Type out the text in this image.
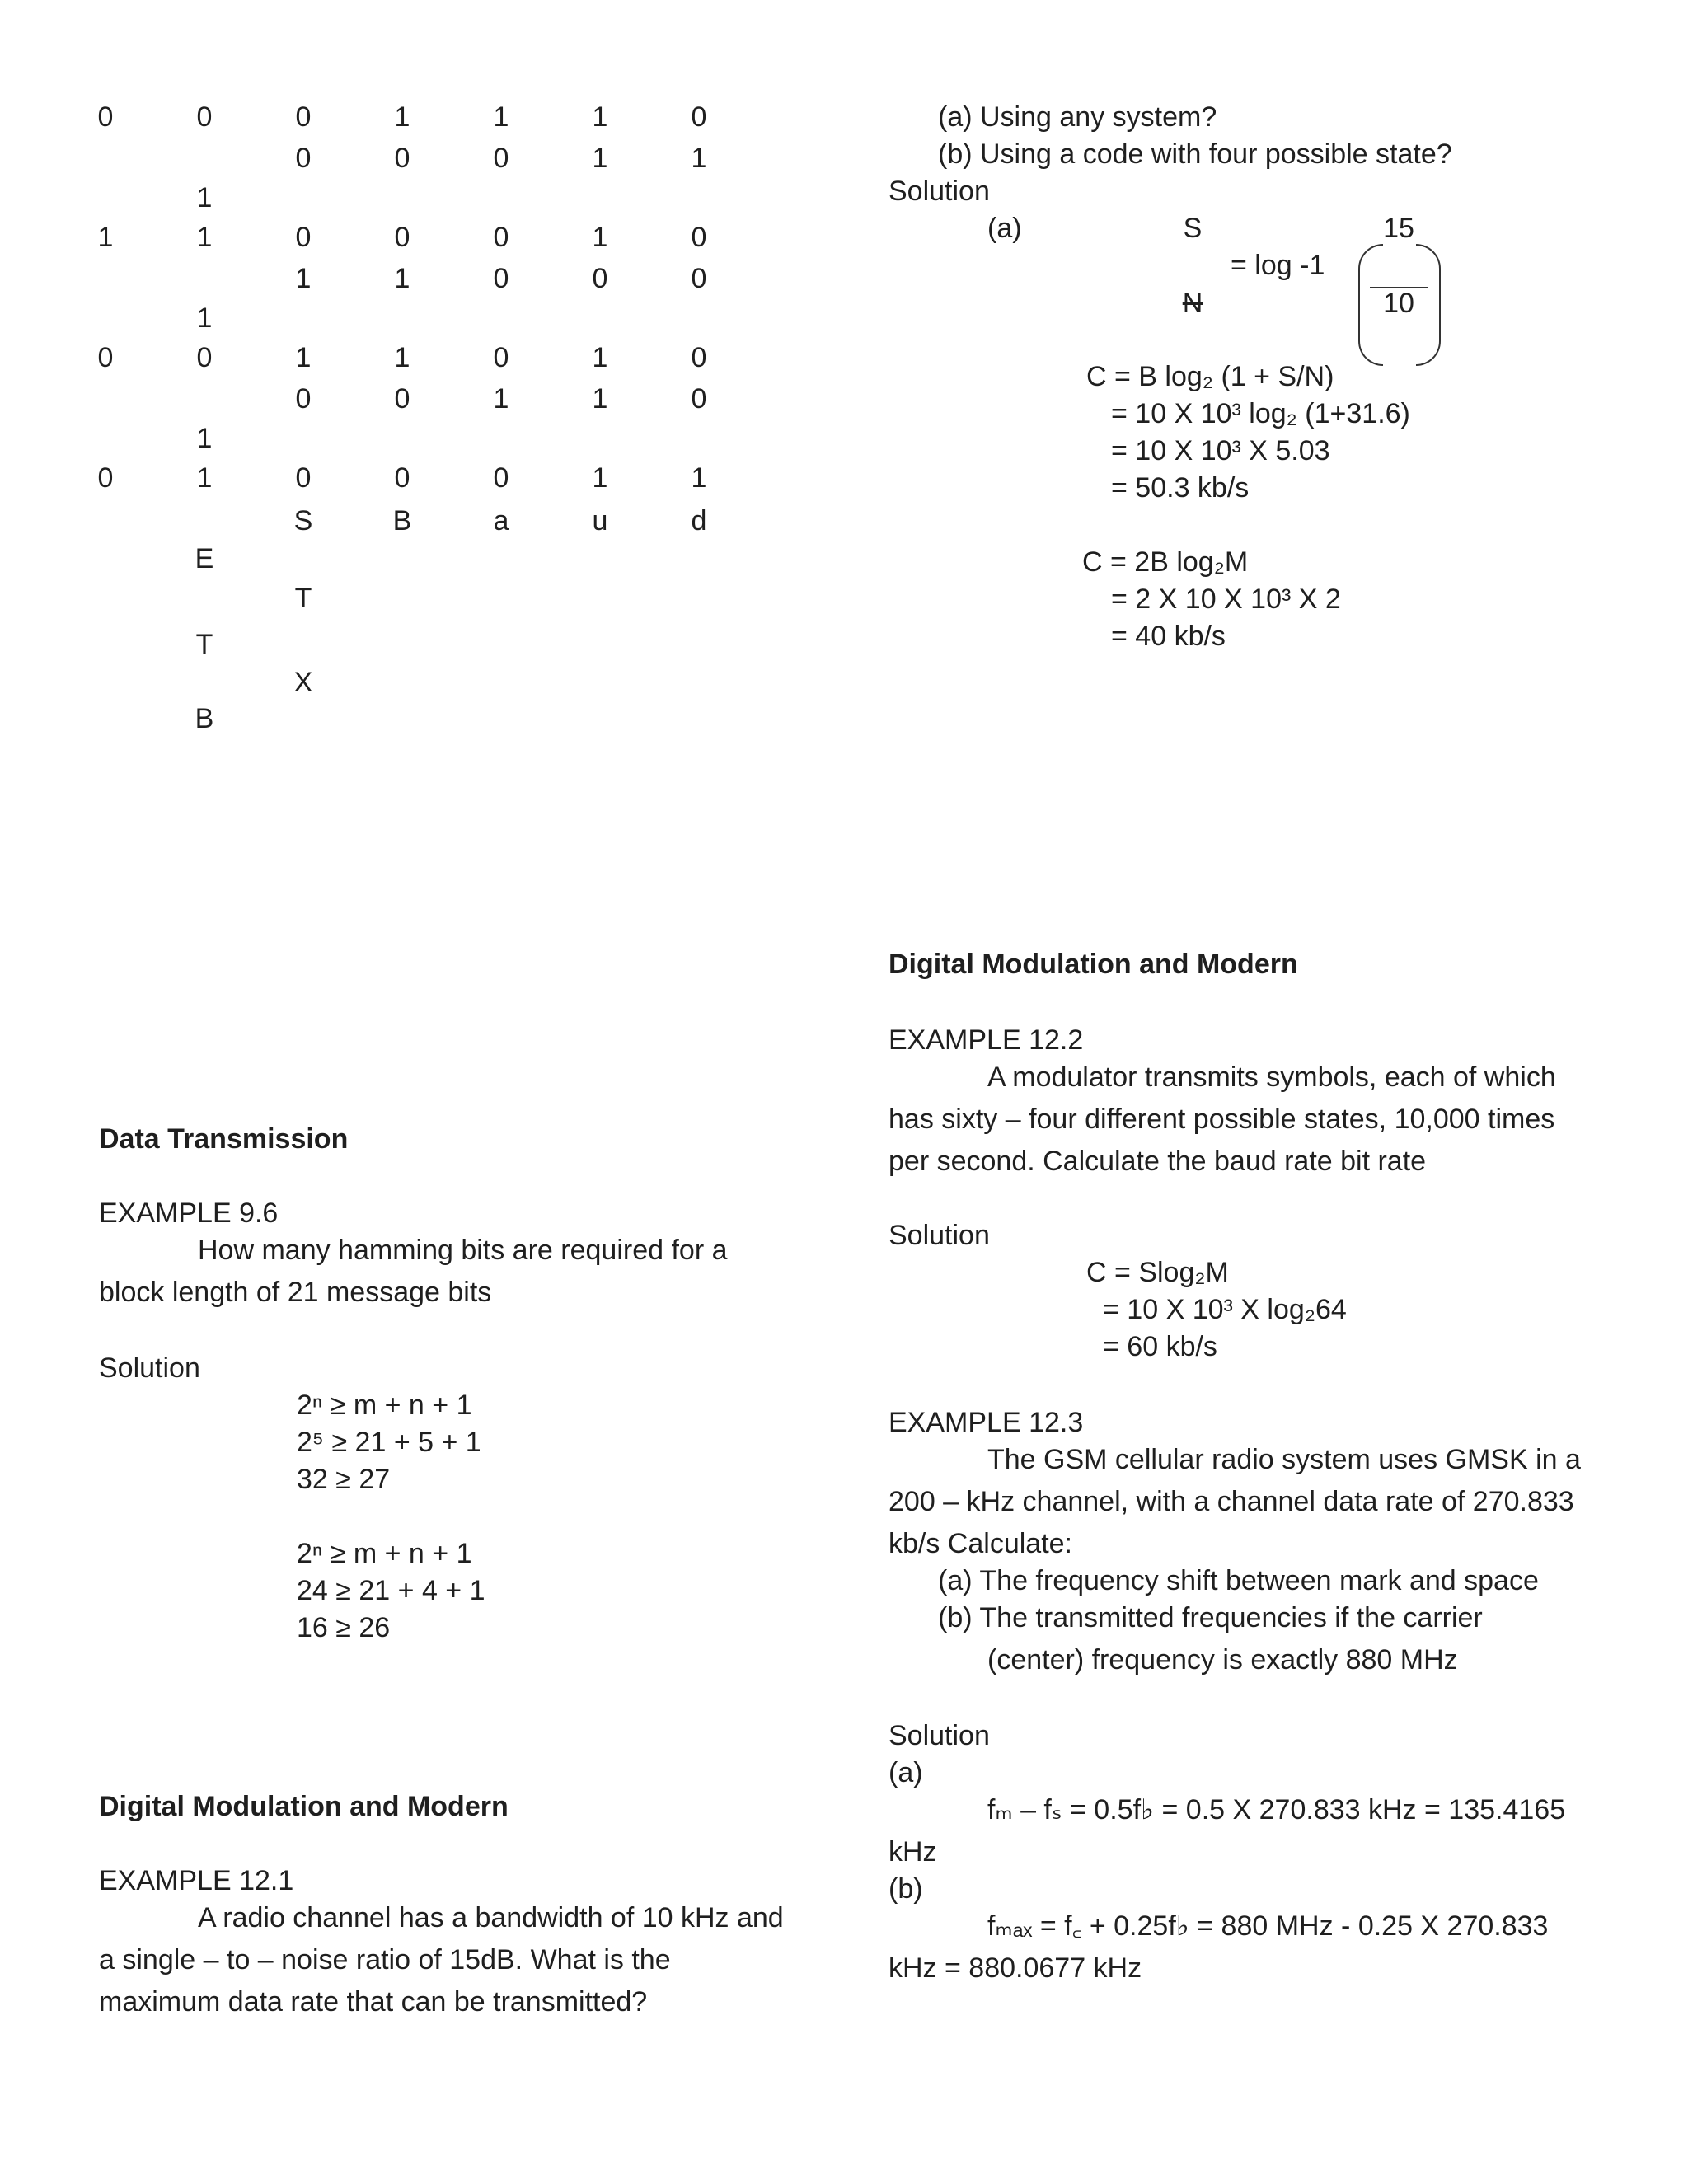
0
1
0
0
0
1
1
1
0
1
1
E
T
B
0
0
0
1
1
0
0
S
T
X
1
0
0
1
1
0
0
B
1
0
0
0
0
1
0
a
1
1
1
0
1
1
1
u
0
1
0
0
0
0
1
d
Data Transmission
EXAMPLE 9.6
How many hamming bits are required for a
block length of 21 message bits
Solution
2ⁿ ≥ m + n + 1
2⁵ ≥ 21 + 5 + 1
32 ≥ 27
2ⁿ ≥ m + n + 1
24 ≥ 21 + 4 + 1
16 ≥ 26
Digital Modulation and Modern
EXAMPLE 12.1
A radio channel has a bandwidth of 10 kHz and
a single – to – noise ratio of 15dB. What is the
maximum data rate that can be transmitted?
(a) Using any system?
(b) Using a code with four possible state?
Solution
(a)	S
N
= log -1
15
10
C = B log₂ (1 + S/N)
= 10 X 10³ log₂ (1+31.6)
= 10 X 10³ X 5.03
= 50.3 kb/s
C = 2B log₂M
= 2 X 10 X 10³ X 2
= 40 kb/s
Digital Modulation and Modern
EXAMPLE 12.2
A modulator transmits symbols, each of which
has sixty – four different possible states, 10,000 times
per second. Calculate the baud rate bit rate
Solution
C = Slog₂M
= 10 X 10³ X log₂64
= 60 kb/s
EXAMPLE 12.3
The GSM cellular radio system uses GMSK in a
200 – kHz channel, with a channel data rate of 270.833
kb/s Calculate:
(a) The frequency shift between mark and space
(b) The transmitted frequencies if the carrier
(center) frequency is exactly 880 MHz
Solution
(a)
fₘ – fₛ = 0.5f♭ = 0.5 X 270.833 kHz = 135.4165
kHz
(b)
fₘₐₓ = f꜀ + 0.25f♭ = 880 MHz - 0.25 X 270.833
kHz = 880.0677 kHz
